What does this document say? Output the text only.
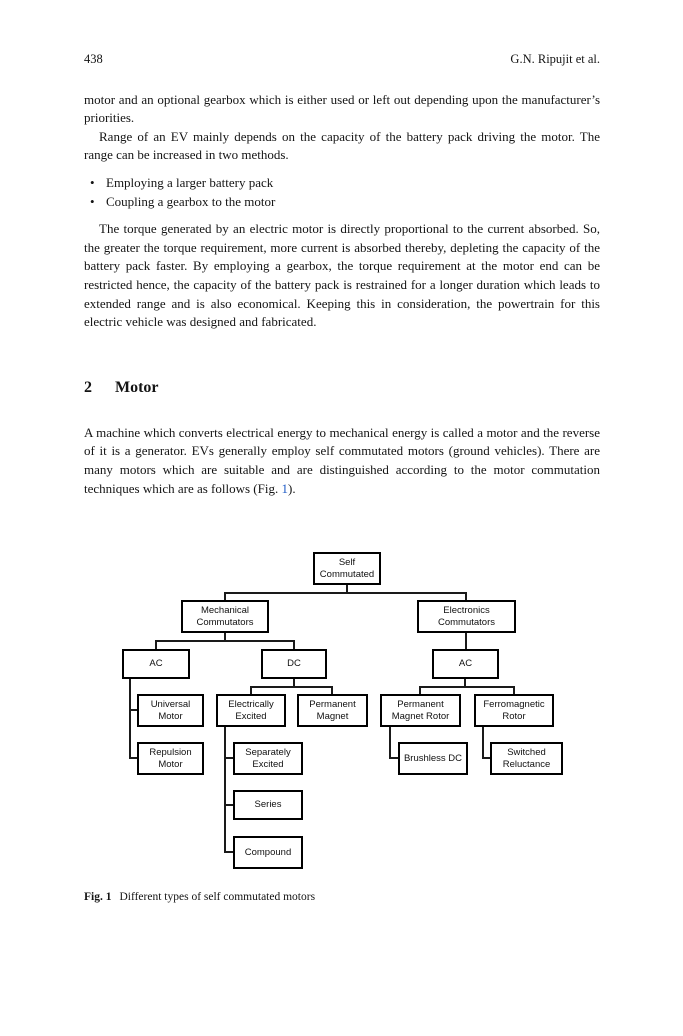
438	G.N. Ripujit et al.

motor and an optional gearbox which is either used or left out depending upon the manufacturer’s priorities.

Range of an EV mainly depends on the capacity of the battery pack driving the motor. The range can be increased in two methods.

Employing a larger battery pack
Coupling a gearbox to the motor

The torque generated by an electric motor is directly proportional to the current absorbed. So, the greater the torque requirement, more current is absorbed thereby, depleting the capacity of the battery pack faster. By employing a gearbox, the torque requirement at the motor end can be restricted hence, the capacity of the battery pack is restrained for a longer duration which leads to extended range and is also economical. Keeping this in consideration, the powertrain for this electric vehicle was designed and fabricated.

2 Motor

A machine which converts electrical energy to mechanical energy is called a motor and the reverse of it is a generator. EVs generally employ self commutated motors (ground vehicles). There are many motors which are suitable and are distinguished according to the motor commutation techniques which are as follows (Fig. 1).

Self Commutated
Mechanical Commutators
Electronics Commutators
AC	DC	AC
Universal Motor
Electrically Excited
Permanent Magnet
Permanent Magnet Rotor
Ferromagnetic Rotor
Repulsion Motor
Separately Excited
Brushless DC
Switched Reluctance
Series
Compound

Fig. 1 Different types of self commutated motors
